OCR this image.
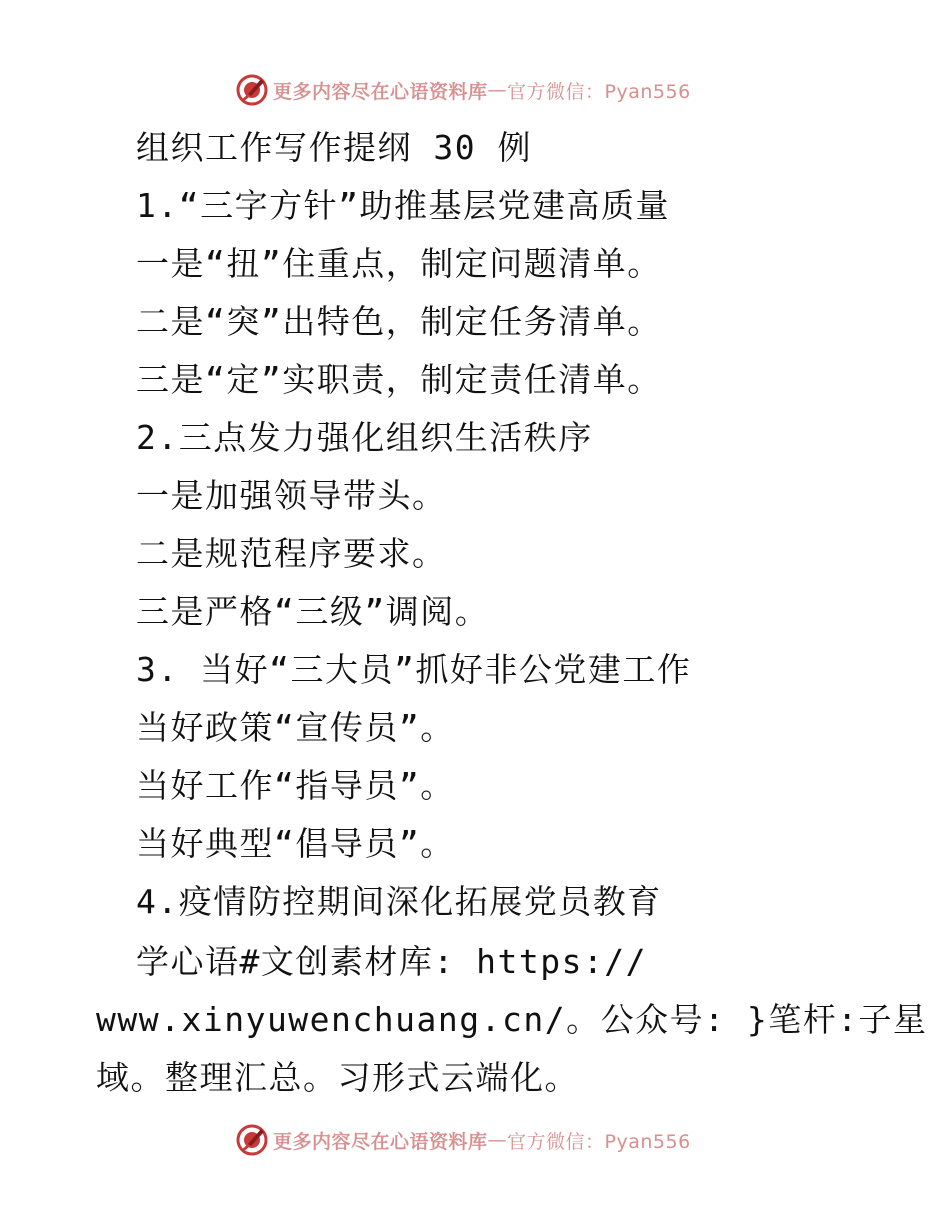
更多内容尽在心语资料库 — 官方微信：Pyan556
组织工作写作提纲 30 例
1.“三字方针”助推基层党建高质量
一是“扭”住重点，制定问题清单。
二是“突”出特色，制定任务清单。
三是“定”实职责，制定责任清单。
2.三点发力强化组织生活秩序
一是加强领导带头。
二是规范程序要求。
三是严格“三级”调阅。
3. 当好“三大员”抓好非公党建工作
当好政策“宣传员”。
当好工作“指导员”。
当好典型“倡导员”。
4.疫情防控期间深化拓展党员教育
学心语#文创素材库: https://
www.xinyuwenchuang.cn/。公众号: }笔杆:子星
域。整理汇总。习形式云端化。
更多内容尽在心语资料库 — 官方微信：Pyan556
